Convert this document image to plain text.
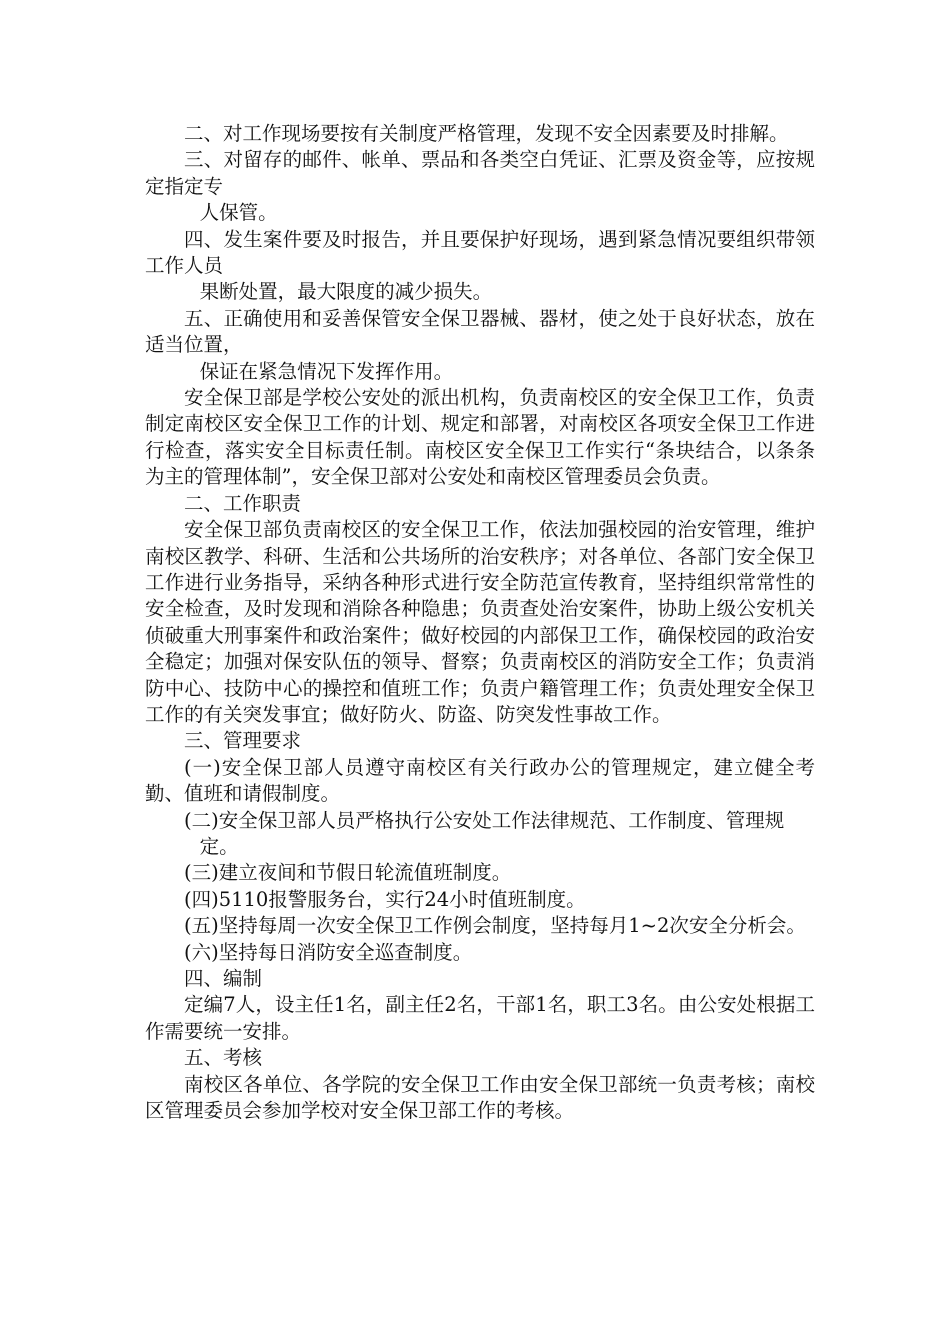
二、对工作现场要按有关制度严格管理，发现不安全因素要及时排解。

三、对留存的邮件、帐单、票品和各类空白凭证、汇票及资金等，应按规定指定专

人保管。

四、发生案件要及时报告，并且要保护好现场，遇到紧急情况要组织带领工作人员

果断处置，最大限度的减少损失。

五、正确使用和妥善保管安全保卫器械、器材，使之处于良好状态，放在适当位置，

保证在紧急情况下发挥作用。

安全保卫部是学校公安处的派出机构，负责南校区的安全保卫工作，负责制定南校区安全保卫工作的计划、规定和部署，对南校区各项安全保卫工作进行检查，落实安全目标责任制。南校区安全保卫工作实行“条块结合，以条条为主的管理体制”，安全保卫部对公安处和南校区管理委员会负责。

二、工作职责

安全保卫部负责南校区的安全保卫工作，依法加强校园的治安管理，维护南校区教学、科研、生活和公共场所的治安秩序；对各单位、各部门安全保卫工作进行业务指导，采纳各种形式进行安全防范宣传教育，坚持组织常常性的安全检查，及时发现和消除各种隐患；负责查处治安案件，协助上级公安机关侦破重大刑事案件和政治案件；做好校园的内部保卫工作，确保校园的政治安全稳定；加强对保安队伍的领导、督察；负责南校区的消防安全工作；负责消防中心、技防中心的操控和值班工作；负责户籍管理工作；负责处理安全保卫工作的有关突发事宜；做好防火、防盗、防突发性事故工作。

三、管理要求

(一)安全保卫部人员遵守南校区有关行政办公的管理规定，建立健全考勤、值班和请假制度。

(二)安全保卫部人员严格执行公安处工作法律规范、工作制度、管理规

定。

(三)建立夜间和节假日轮流值班制度。

(四)5110报警服务台，实行24小时值班制度。

(五)坚持每周一次安全保卫工作例会制度，坚持每月1~2次安全分析会。

(六)坚持每日消防安全巡查制度。

四、编制

定编7人，设主任1名，副主任2名，干部1名，职工3名。由公安处根据工作需要统一安排。

五、考核

南校区各单位、各学院的安全保卫工作由安全保卫部统一负责考核；南校区管理委员会参加学校对安全保卫部工作的考核。
